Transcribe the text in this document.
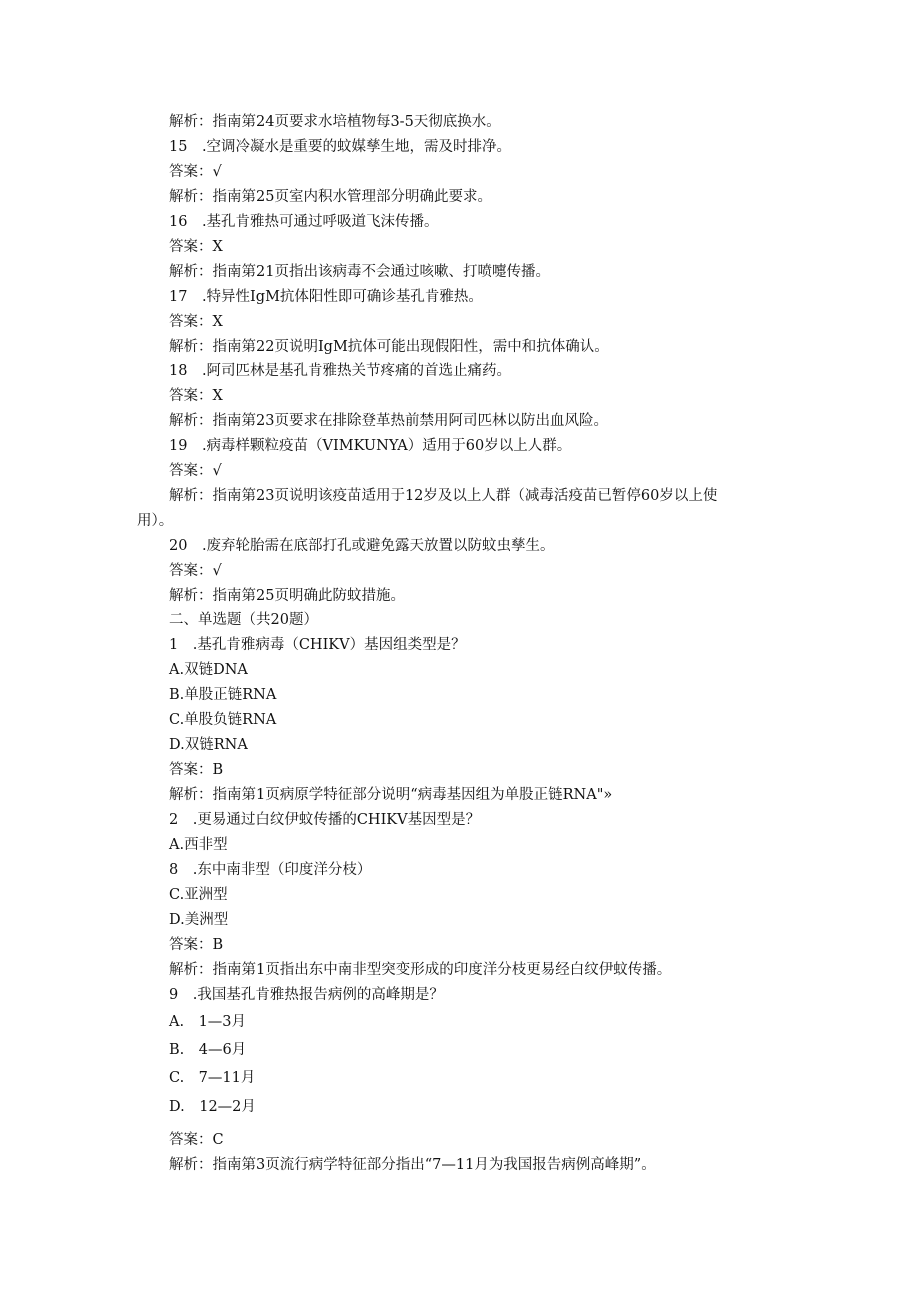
解析：指南第24页要求水培植物每3-5天彻底换水。
15　.空调冷凝水是重要的蚊媒孳生地，需及时排净。
答案：√
解析：指南第25页室内积水管理部分明确此要求。
16　.基孔肯雅热可通过呼吸道飞沫传播。
答案：X
解析：指南第21页指出该病毒不会通过咳嗽、打喷嚏传播。
17　.特异性IgM抗体阳性即可确诊基孔肯雅热。
答案：X
解析：指南第22页说明IgM抗体可能出现假阳性，需中和抗体确认。
18　.阿司匹林是基孔肯雅热关节疼痛的首选止痛药。
答案：X
解析：指南第23页要求在排除登革热前禁用阿司匹林以防出血风险。
19　.病毒样颗粒疫苗（VIMKUNYA）适用于60岁以上人群。
答案：√
解析：指南第23页说明该疫苗适用于12岁及以上人群（减毒活疫苗已暂停60岁以上使
用）。
20　.废弃轮胎需在底部打孔或避免露天放置以防蚊虫孳生。
答案：√
解析：指南第25页明确此防蚊措施。
二、单选题（共20题）
1　.基孔肯雅病毒（CHIKV）基因组类型是？
A.双链DNA
B.单股正链RNA
C.单股负链RNA
D.双链RNA
答案：B
解析：指南第1页病原学特征部分说明“病毒基因组为单股正链RNA"»
2　.更易通过白纹伊蚊传播的CHIKV基因型是？
A.西非型
8　.东中南非型（印度洋分枝）
C.亚洲型
D.美洲型
答案：B
解析：指南第1页指出东中南非型突变形成的印度洋分枝更易经白纹伊蚊传播。
9　.我国基孔肯雅热报告病例的高峰期是？
A.　1—3月
B.　4—6月
C.　7—11月
D.　12—2月
答案：C
解析：指南第3页流行病学特征部分指出“7—11月为我国报告病例高峰期”。
